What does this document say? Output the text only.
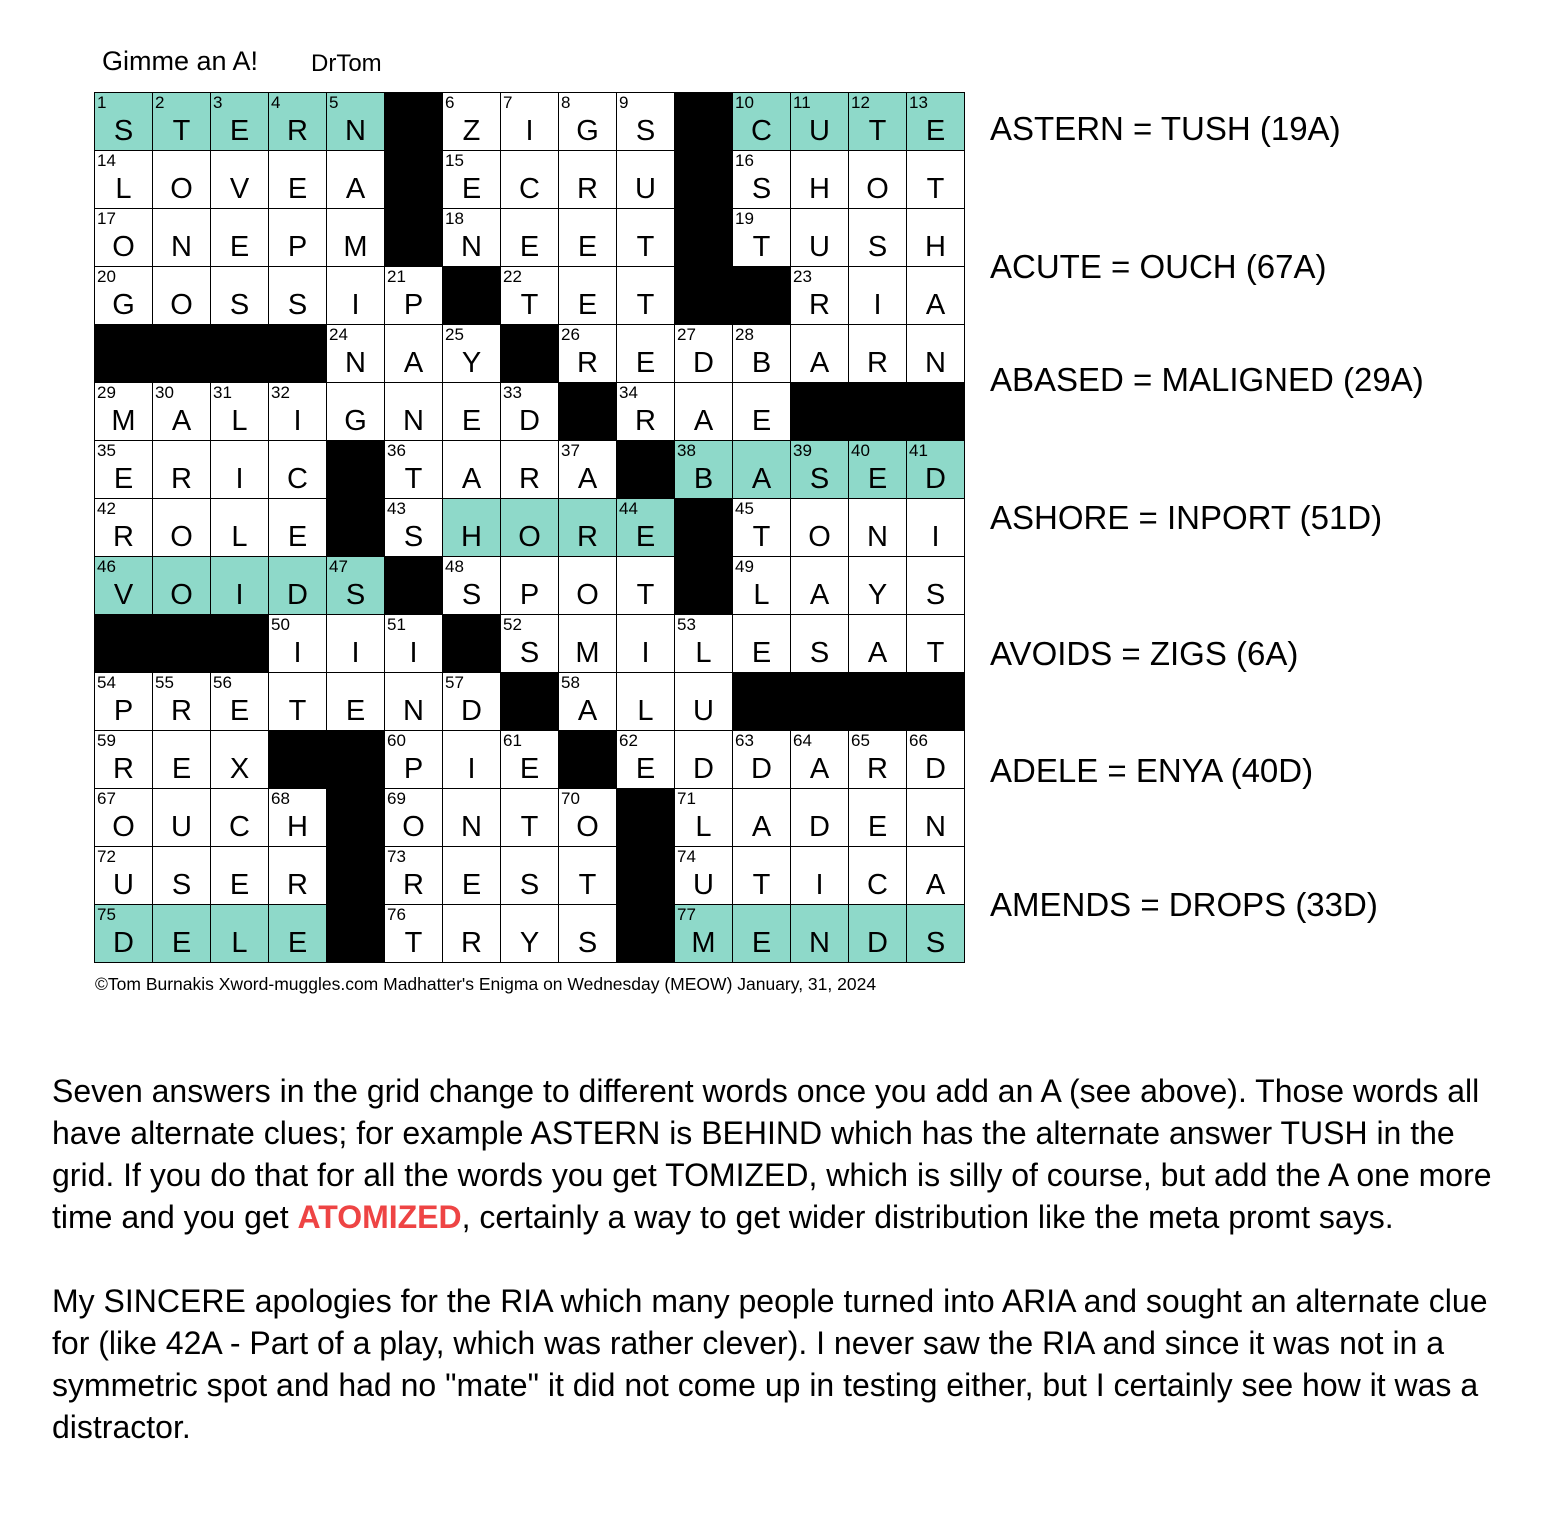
Gimme an A! DrTom
1
S
2
T
3
E
4
R
5
N
6
Z
7
I
8
G
9
S
10
C
11
U
12
T
13
E
14
L	O	V	E	A
15
E	C	R	U
16
S	H	O	T
17
O	N	E	P	M
18
N	E	E	T
19
T	U	S	H
20
G	O	S	S	I
21
P
22
T	E	T
23
R	I	A
24
N	A
25
Y
26
R	E
27
D
28
B	A	R	N
29
M
30
A
31
L
32
I	G	N	E
33
D
34
R	A	E
35
E	R	I	C
36
T	A	R
37
A
38
B	A
39
S
40
E
41
D
42
R	O	L	E
43
S	H	O	R
44
E
45
T	O	N	I
46
V	O	I	D
47
S
48
S	P	O	T
49
L	A	Y	S
50
I	I
51
I
52
S	M	I
53
L	E	S	A	T
54
P
55
R
56
E	T	E	N
57
D
58
A	L	U
59
R	E	X
60
P	I
61
E
62
E	D
63
D
64
A
65
R
66
D
67
O	U	C
68
H
69
O	N	T
70
O
71
L	A	D	E	N
72
U	S	E	R
73
R	E	S	T
74
U	T	I	C	A
75
D	E	L	E
76
T	R	Y	S
77
M	E	N	D	S
©Tom Burnakis Xword-muggles.com Madhatter's Enigma on Wednesday (MEOW) January, 31, 2024
ASTERN = TUSH (19A)
ACUTE = OUCH (67A)
ABASED = MALIGNED (29A)
ASHORE = INPORT (51D)
AVOIDS = ZIGS (6A)
ADELE = ENYA (40D)
AMENDS = DROPS (33D)

Seven answers in the grid change to different words once you add an A (see above). Those words all have alternate clues; for example ASTERN is BEHIND which has the alternate answer TUSH in the grid. If you do that for all the words you get TOMIZED, which is silly of course, but add the A one more time and you get ATOMIZED, certainly a way to get wider distribution like the meta promt says.

My SINCERE apologies for the RIA which many people turned into ARIA and sought an alternate clue for (like 42A - Part of a play, which was rather clever). I never saw the RIA and since it was not in a symmetric spot and had no "mate" it did not come up in testing either, but I certainly see how it was a distractor.
